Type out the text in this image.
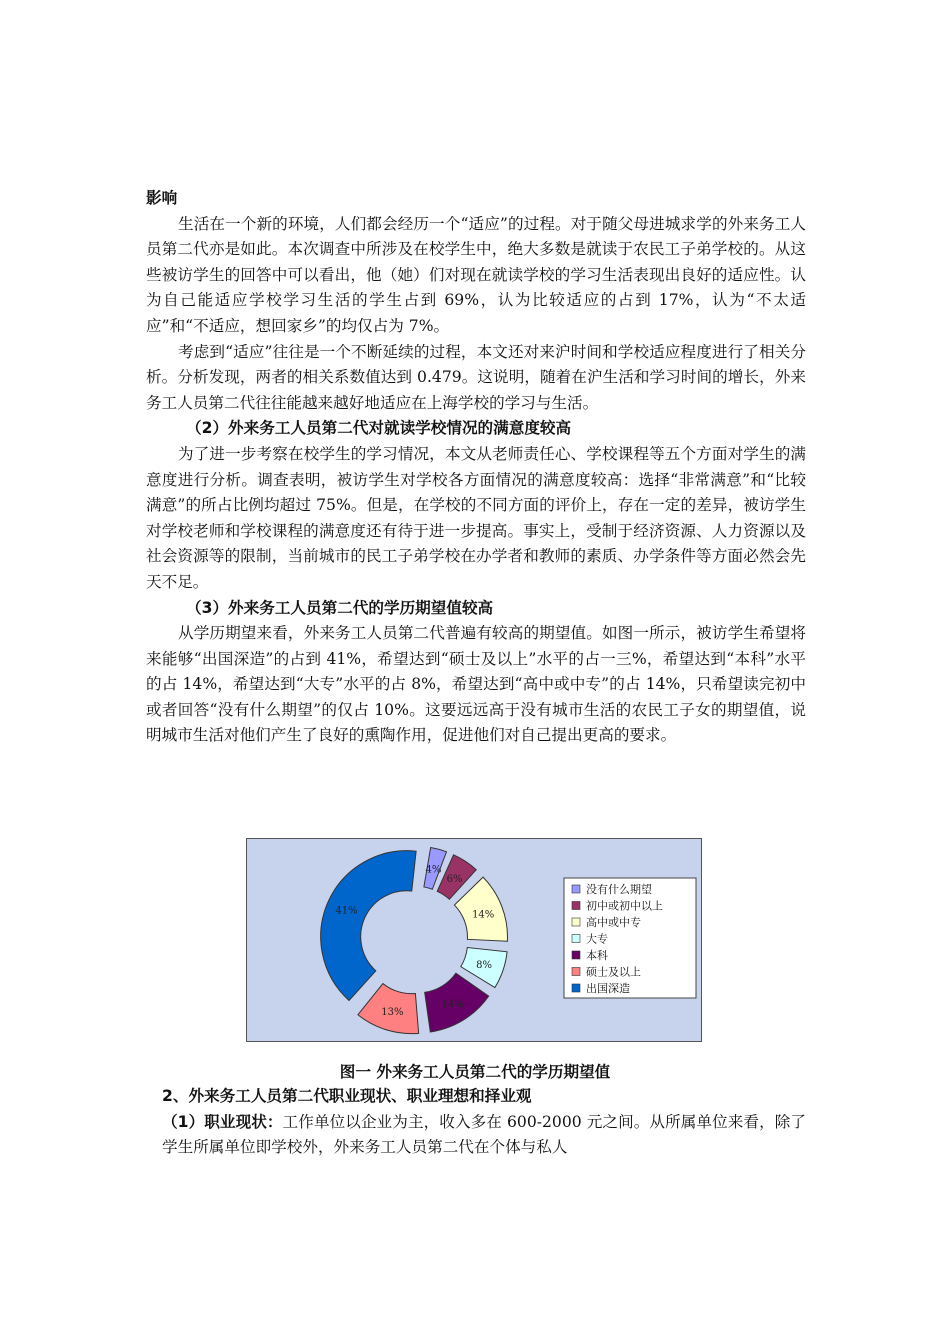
影响

生活在一个新的环境，人们都会经历一个“适应”的过程。对于随父母进城求学的外来务工人员第二代亦是如此。本次调查中所涉及在校学生中，绝大多数是就读于农民工子弟学校的。从这些被访学生的回答中可以看出，他（她）们对现在就读学校的学习生活表现出良好的适应性。认为自己能适应学校学习生活的学生占到 69%，认为比较适应的占到 17%，认为“不太适应”和“不适应，想回家乡”的均仅占为 7%。

考虑到“适应”往往是一个不断延续的过程，本文还对来沪时间和学校适应程度进行了相关分析。分析发现，两者的相关系数值达到 0.479。这说明，随着在沪生活和学习时间的增长，外来务工人员第二代往往能越来越好地适应在上海学校的学习与生活。

（2）外来务工人员第二代对就读学校情况的满意度较高

为了进一步考察在校学生的学习情况，本文从老师责任心、学校课程等五个方面对学生的满意度进行分析。调查表明，被访学生对学校各方面情况的满意度较高：选择“非常满意”和“比较满意”的所占比例均超过 75%。但是，在学校的不同方面的评价上，存在一定的差异，被访学生对学校老师和学校课程的满意度还有待于进一步提高。事实上，受制于经济资源、人力资源以及社会资源等的限制，当前城市的民工子弟学校在办学者和教师的素质、办学条件等方面必然会先天不足。

（3）外来务工人员第二代的学历期望值较高

从学历期望来看，外来务工人员第二代普遍有较高的期望值。如图一所示，被访学生希望将来能够“出国深造”的占到 41%，希望达到“硕士及以上”水平的占一三%，希望达到“本科”水平的占 14%，希望达到“大专”水平的占 8%，希望达到“高中或中专”的占 14%，只希望读完初中或者回答“没有什么期望”的仅占 10%。这要远远高于没有城市生活的农民工子女的期望值，说明城市生活对他们产生了良好的熏陶作用，促进他们对自己提出更高的要求。

4%
6%
14%
8%
14%
13%
41%
没有什么期望
初中或初中以上
高中或中专
大专
本科
硕士及以上
出国深造
图一 外来务工人员第二代的学历期望值

2、外来务工人员第二代职业现状、职业理想和择业观

（1）职业现状：工作单位以企业为主，收入多在 600-2000 元之间。从所属单位来看，除了学生所属单位即学校外，外来务工人员第二代在个体与私人
